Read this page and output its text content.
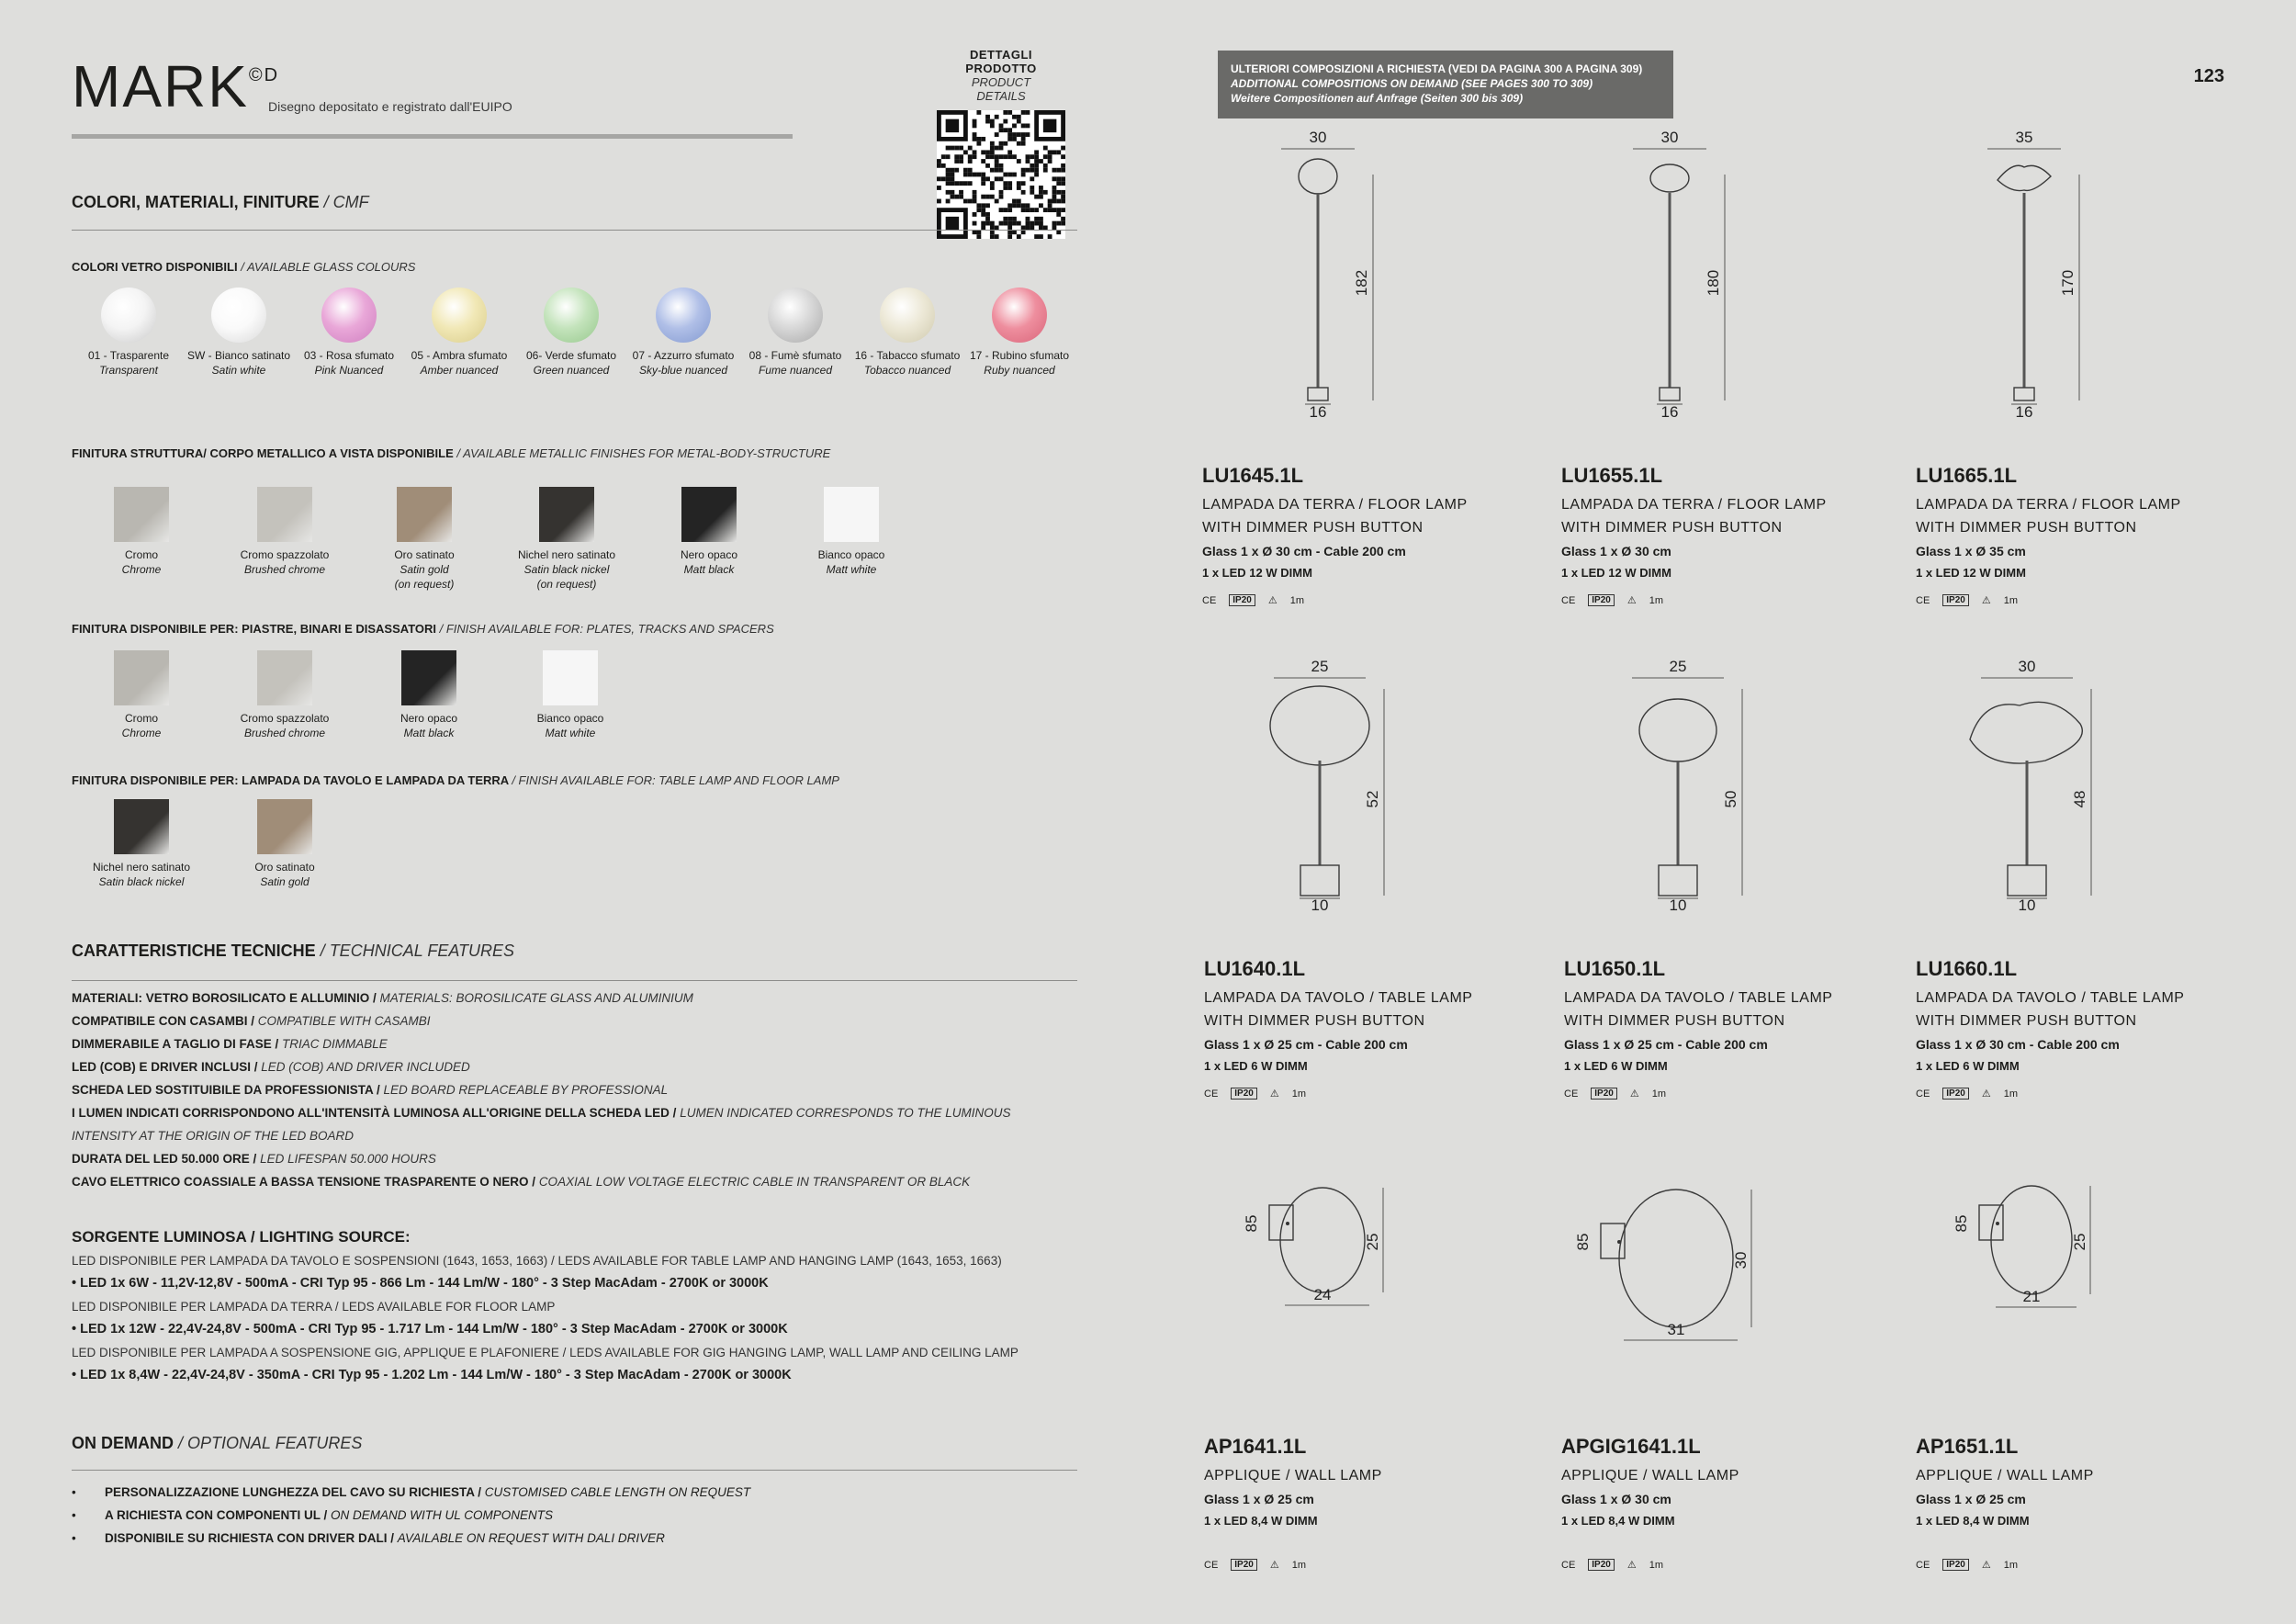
$MARK^{©D}$
Disegno depositato e registrato dall'EUIPO
DETTAGLI PRODOTTO
PRODUCT DETAILS
COLORI, MATERIALI, FINITURE / CMF
COLORI VETRO DISPONIBILI / AVAILABLE GLASS COLOURS
01 - Trasparente
Transparent
SW - Bianco satinato
Satin white
03 - Rosa sfumato
Pink Nuanced
05 - Ambra sfumato
Amber nuanced
06- Verde sfumato
Green nuanced
07 - Azzurro sfumato
Sky-blue nuanced
08 - Fumè sfumato
Fume nuanced
16 - Tabacco sfumato
Tobacco nuanced
17 - Rubino sfumato
Ruby nuanced
FINITURA STRUTTURA/ CORPO METALLICO A VISTA DISPONIBILE / AVAILABLE METALLIC FINISHES FOR METAL-BODY-STRUCTURE
Cromo
Chrome
Cromo spazzolato
Brushed chrome
Oro satinato
Satin gold
(on request)
Nichel nero satinato
Satin black nickel
(on request)
Nero opaco
Matt black
Bianco opaco
Matt white
FINITURA DISPONIBILE PER: PIASTRE, BINARI E DISASSATORI / FINISH AVAILABLE FOR: PLATES, TRACKS AND SPACERS
Cromo
Chrome
Cromo spazzolato
Brushed chrome
Nero opaco
Matt black
Bianco opaco
Matt white
FINITURA DISPONIBILE PER: LAMPADA DA TAVOLO E LAMPADA DA TERRA / FINISH AVAILABLE FOR: TABLE LAMP AND FLOOR LAMP
Nichel nero satinato
Satin black nickel
Oro satinato
Satin gold
CARATTERISTICHE TECNICHE / TECHNICAL FEATURES
MATERIALI: VETRO BOROSILICATO E ALLUMINIO / MATERIALS: BOROSILICATE GLASS AND ALUMINIUM
COMPATIBILE CON CASAMBI / COMPATIBLE WITH CASAMBI
DIMMERABILE A TAGLIO DI FASE / TRIAC DIMMABLE
LED (COB) E DRIVER INCLUSI / LED (COB) AND DRIVER INCLUDED
SCHEDA LED SOSTITUIBILE DA PROFESSIONISTA / LED BOARD REPLACEABLE BY PROFESSIONAL
I LUMEN INDICATI CORRISPONDONO ALL'INTENSITÀ LUMINOSA ALL'ORIGINE DELLA SCHEDA LED / LUMEN INDICATED CORRESPONDS TO THE LUMINOUS
INTENSITY AT THE ORIGIN OF THE LED BOARD
DURATA DEL LED 50.000 ORE / LED LIFESPAN 50.000 HOURS
CAVO ELETTRICO COASSIALE A BASSA TENSIONE TRASPARENTE O NERO / COAXIAL LOW VOLTAGE ELECTRIC CABLE IN TRANSPARENT OR BLACK
SORGENTE LUMINOSA / LIGHTING SOURCE:
LED DISPONIBILE PER LAMPADA DA TAVOLO E SOSPENSIONI (1643, 1653, 1663) / LEDS AVAILABLE FOR TABLE LAMP AND HANGING LAMP (1643, 1653, 1663)
• LED 1x 6W - 11,2V-12,8V - 500mA - CRI Typ 95 - 866 Lm - 144 Lm/W - 180° - 3 Step MacAdam - 2700K or 3000K
LED DISPONIBILE PER LAMPADA DA TERRA / LEDS AVAILABLE FOR FLOOR LAMP
• LED 1x 12W - 22,4V-24,8V - 500mA - CRI Typ 95 - 1.717 Lm - 144 Lm/W - 180° - 3 Step MacAdam - 2700K or 3000K
LED DISPONIBILE PER LAMPADA A SOSPENSIONE GIG, APPLIQUE E PLAFONIERE / LEDS AVAILABLE FOR GIG HANGING LAMP, WALL LAMP AND CEILING LAMP
• LED 1x 8,4W - 22,4V-24,8V - 350mA - CRI Typ 95 - 1.202 Lm - 144 Lm/W - 180° - 3 Step MacAdam - 2700K or 3000K
ON DEMAND / OPTIONAL FEATURES
• PERSONALIZZAZIONE LUNGHEZZA DEL CAVO SU RICHIESTA / CUSTOMISED CABLE LENGTH ON REQUEST
• A RICHIESTA CON COMPONENTI UL / ON DEMAND WITH UL COMPONENTS
• DISPONIBILE SU RICHIESTA CON DRIVER DALI / AVAILABLE ON REQUEST WITH DALI DRIVER
ULTERIORI COMPOSIZIONI A RICHIESTA (VEDI DA PAGINA 300 A PAGINA 309)
ADDITIONAL COMPOSITIONS ON DEMAND (SEE PAGES 300 TO 309)
Weitere Compositionen auf Anfrage (Seiten 300 bis 309)
123
30
16
182
30
16
180
35
16
170
25
10
52
25
10
50
30
10
48
24
25
85
31
30
85
21
25
85
LU1645.1L
LAMPADA DA TERRA / FLOOR LAMP
WITH DIMMER PUSH BUTTON
Glass 1 x Ø 30 cm - Cable 200 cm
1 x LED 12 W DIMM
CE	IP20	⚠ 1m
LU1655.1L
LAMPADA DA TERRA / FLOOR LAMP
WITH DIMMER PUSH BUTTON
Glass 1 x Ø 30 cm
1 x LED 12 W DIMM
CE	IP20	⚠ 1m
LU1665.1L
LAMPADA DA TERRA / FLOOR LAMP
WITH DIMMER PUSH BUTTON
Glass 1 x Ø 35 cm
1 x LED 12 W DIMM
CE	IP20	⚠ 1m
LU1640.1L
LAMPADA DA TAVOLO / TABLE LAMP
WITH DIMMER PUSH BUTTON
Glass 1 x Ø 25 cm - Cable 200 cm
1 x LED 6 W DIMM
CE	IP20	⚠ 1m
LU1650.1L
LAMPADA DA TAVOLO / TABLE LAMP
WITH DIMMER PUSH BUTTON
Glass 1 x Ø 25 cm - Cable 200 cm
1 x LED 6 W DIMM
CE	IP20	⚠ 1m
LU1660.1L
LAMPADA DA TAVOLO / TABLE LAMP
WITH DIMMER PUSH BUTTON
Glass 1 x Ø 30 cm - Cable 200 cm
1 x LED 6 W DIMM
CE	IP20	⚠ 1m
AP1641.1L
APPLIQUE / WALL LAMP
Glass 1 x Ø 25 cm
1 x LED 8,4 W DIMM
CE	IP20	⚠ 1m
APGIG1641.1L
APPLIQUE / WALL LAMP
Glass 1 x Ø 30 cm
1 x LED 8,4 W DIMM
CE	IP20	⚠ 1m
AP1651.1L
APPLIQUE / WALL LAMP
Glass 1 x Ø 25 cm
1 x LED 8,4 W DIMM
CE	IP20	⚠ 1m
